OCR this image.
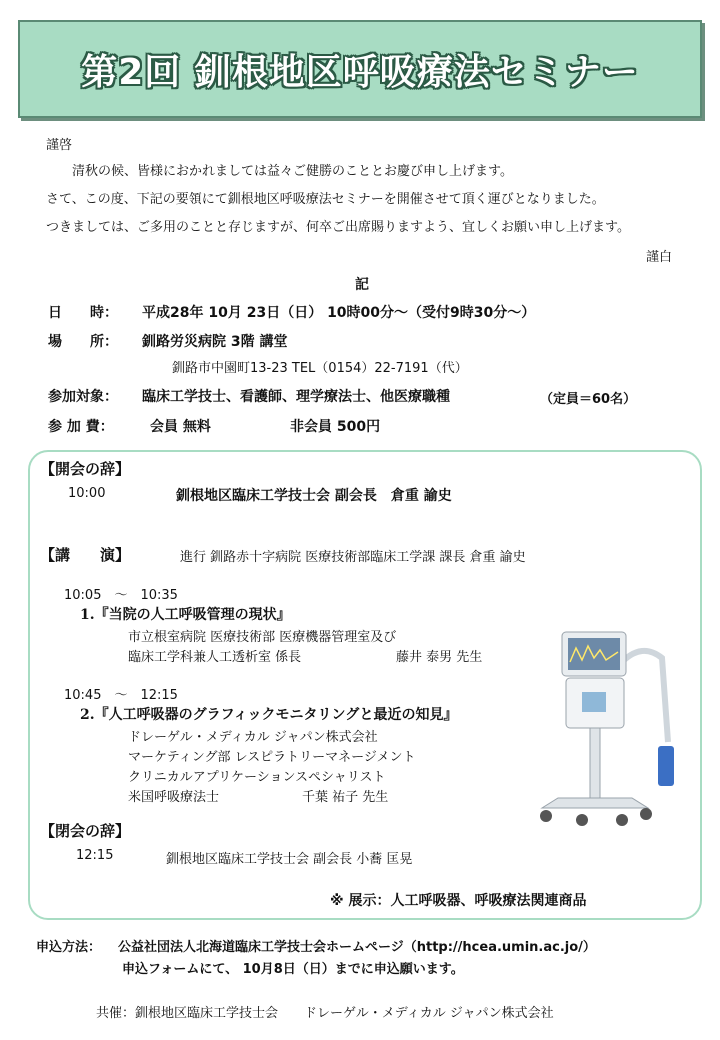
第2回 釧根地区呼吸療法セミナー
謹啓
清秋の候、皆様におかれましては益々ご健勝のこととお慶び申し上げます。
さて、この度、下記の要領にて釧根地区呼吸療法セミナーを開催させて頂く運びとなりました。
つきましては、ご多用のことと存じますが、何卒ご出席賜りますよう、宜しくお願い申し上げます。
謹白
記
日　　時： 平成28年 10月 23日（日） 10時00分～（受付9時30分～）
場　　所： 釧路労災病院 3階 講堂
釧路市中園町13-23 TEL（0154）22-7191（代）
参加対象： 臨床工学技士、看護師、理学療法士、他医療職種	（定員＝60名）
参 加 費：	会員 無料	非会員 500円
【開会の辞】
10:00	釧根地区臨床工学技士会 副会長　倉重 諭史
【講　　演】	進行 釧路赤十字病院 医療技術部臨床工学課 課長 倉重 諭史
10:05　～　10:35
1.『当院の人工呼吸管理の現状』
市立根室病院 医療技術部 医療機器管理室及び
臨床工学科兼人工透析室 係長	藤井 泰男 先生
10:45　～　12:15
2.『人工呼吸器のグラフィックモニタリングと最近の知見』
ドレーゲル・メディカル ジャパン株式会社
マーケティング部 レスピラトリーマネージメント
クリニカルアプリケーションスペシャリスト
米国呼吸療法士	千葉 祐子 先生
【閉会の辞】
12:15	釧根地区臨床工学技士会 副会長 小蕎 匡晃
※ 展示：人工呼吸器、呼吸療法関連商品
申込方法： 公益社団法人北海道臨床工学技士会ホームページ（http://hcea.umin.ac.jo/）
申込フォームにて、 10月8日（日）までに申込願います。
共催：釧根地区臨床工学技士会　　ドレーゲル・メディカル ジャパン株式会社
